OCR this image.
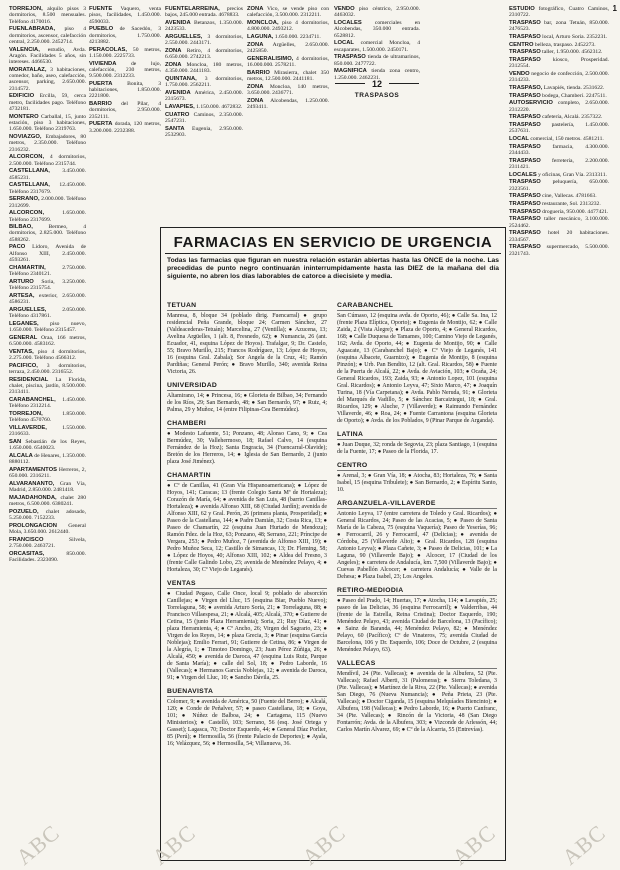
TORREJON, alquilo pisos 3 dormitorios, 8.500 mensuales. Teléfono 4170016.

FUENLABRADA, piso 4 dormitorios, ascensor, calefacción central, 2.250.000. 2452714.

VALENCIA, estudio, Avda. Aragón. Facilidades 5 años, sin intereses. 4466530.

MORATALAZ, 3 habitaciones, comedor, baño, aseo, calefacción, ascensor, parking, 2.650.000. 2314572.

EDIFICIO Ercilla, 59, cerca metro, facilidades pago. Teléfono 4732181.

MONTERO Carballal, 15, junto estación, piso 3 habitaciones, 1.650.000. Teléfono 2319763.

NOVIAZGO, Embajadores, 80 metros, 2.350.000. Teléfono 2316232.

ALCORCON, 4 dormitorios, 2.500.000. Teléfono 2315744.

CASTELLANA, 3.450.000. 4585231.

CASTELLANA, 12.450.000. Teléfono 2317679.

SERRANO, 2.000.000. Teléfono 2312699.

ALCORCON, 1.650.000. Teléfono 2317699.

BILBAO, Bermeo, 4 dormitorios, 2.825.000. Teléfono 4588262.

PACO Lidoro, Avenida de Alfonso XIII, 2.450.000. 4593261.

CHAMARTIN, 2.750.000. Teléfono 2340121.

ARTURO Soria, 3.250.000. Teléfono 2315754.

ARTESA, exterior, 2.650.000. 4586231.

ARGUELLES, 2.050.000. Teléfono 4317861.

LEGANES, piso nuevo, 1.650.000. Teléfono 2315457.

GENERAL Oraa, 166 metros, 6.500.000. 4583162.

VENTAS, piso 4 dormitorios, 2.275.000. Teléfono 4566312.

PACIFICO, 3 dormitorios, terraza, 2.450.000. 2316552.

RESIDENCIAL La Florida, chalet, piscina, jardín, 8.500.000. 2313411.

CARABANCHEL, 1.450.000. Teléfono 2312214.

TORREJON, 1.850.000. Teléfono 4570760.

VILLAVERDE, 1.550.000. 2316633.

SAN Sebastián de los Reyes, 1.650.000. 6540023.

ALCALA de Henares, 1.350.000. 8880112.

APARTAMENTOS Herreros, 2, 650.000. 2316211.

ALVARANANTO, Gran Vía, Madrid, 2.850.000. 2481418.

MAJADAHONDA, chalet 280 metros, 6.500.000. 6380241.

POZUELO, chalet adosado, 5.250.000. 7152233.

PROLONGACION General Mola, 3.650.000. 2612440.

FRANCISCO Silvela, 2.750.000. 2463721.

ORCASITAS, 850.000. Facilidades. 2323090.

FUENTE Vaquero, venta pisos, facilidades, 1.450.000. 4590033.

PUEBLO de Sacedón, 3 dormitorios, 1.750.000. 4213882.

PERACOLAS, 50 metros, 1.150.000. 2225733.

VIVIENDA de lujo, calefacción, 230 metros, 9.500.000. 2312233.

PUERTA Bonita, 3 habitaciones, 1.850.000. 2221800.

BARRIO del Pilar, 4 dormitorios, 2.950.000. 2352111.

PUERTA dorada, 120 metros, 3.200.000. 2232388.

FUENTELARREINA, precios bajos, 245.000 entrada. 4678833.

AVENIDA Betanzos, 1.350.000. 2423533.

ARGUELLES, 3 dormitorios, 2.550.000. 2443171.

ZONA Retiro, 4 dormitorios, 6.650.000. 2742213.

ZONA Moncloa, 180 metros, 4.350.000. 2441183.

QUINTANA, 3 dormitorios, 1.750.000. 2562211.

AVENIDA América, 2.450.000. 2315673.

LAVAPIES, 1.150.000. 4672832.

CUATRO Caminos, 2.350.000. 2547231.

SANTA Eugenia, 2.950.000. 2532903.

ZONA Vico, se vende piso con calefacción, 3.500.000. 2312211.

MONCLOA, piso 4 dormitorios, 4.800.000. 2493212.

LAGUNA, 1.650.000. 2234711.

ZONA Argüelles, 2.650.000. 2425850.

GENERALISIMO, 4 dormitorios, 16.000.000. 2578211.

BARRIO Mirasierra, chalet 350 metros, 12.500.000. 2441181.

ZONA Moncloa, 140 metros, 3.650.000. 2436771.

ZONA Alcobendas, 1.250.000. 2493411.

VENDO piso céntrico, 2.950.000. 4463032.

LOCALES comerciales en Alcobendas, 350.000 entrada. 6528812.

LOCAL comercial Moncloa, 4 escaparates, 1.500.000. 2450171.

TRASPASO tienda de ultramarinos, 850.000. 2477722.

MAGNIFICA tienda zona centro, 1.250.000. 2462231.

12
TRASPASOS

ESTUDIO fotográfico, Cuatro Caminos, 2310722.

TRASPASO bar, zona Tetuán, 850.000. 2476523.

TRASPASO local, Arturo Soria. 2352231.

CENTRO belleza, traspaso. 2452273.

TRASPASO taller, 1.950.000. 4562312.

TRASPASO kiosco, Prosperidad. 2312554.

VENDO negocio de confección, 2.500.000. 2314233.

TRASPASO, Lavapiés, tienda. 2531622.

TRASPASO bodega, Chamberí. 2247511.

AUTOSERVICIO completo, 2.650.000. 2312220.

TRASPASO cafetería, Alcalá. 2357322.

TRASPASO pastelería, 1.450.000. 2537631.

LOCAL comercial, 150 metros. 4581211.

TRASPASO farmacia, 4.300.000. 2344433.

TRASPASO ferretería, 2.200.000. 2311421.

LOCALES y oficinas, Gran Vía. 2313311.

TRASPASO peluquería, 650.000. 2323561.

TRASPASO cine, Vallecas. 4781663.

TRASPASO restaurante, Sol. 2313232.

TRASPASO droguería, 950.000. 4477421.

TRASPASO taller mecánico, 3.100.000. 2524462.

TRASPASO hotel 20 habitaciones. 2334567.

TRASPASO supermercado, 5.500.000. 2321743.

1
FARMACIAS EN SERVICIO DE URGENCIA
Todas las farmacias que figuran en nuestra relación estarán abiertas hasta las ONCE de la noche. Las precedidas de punto negro continuarán ininterrumpidamente hasta las DIEZ de la mañana del día siguiente, no abren los días laborables de catorce a diecisiete y media.
TETUAN
Manresa, 8, bloque 34 (poblado dirig. Fuencarral) ● grupo residencial Peña Grande, bloque 24; Carmen Sánchez, 27 (Valdeacederas-Tetuán); Marcelina, 27 (Ventilla); ● Azucena, 13; Avelina Argüelles, 1 (alt. 8, Fresnedo, 62); ● Numancia, 26 (ant. Ecuador, 41, esquina López de Hoyos). Trafalgar, 9; Dr. Castelo, 55; Bravo Murillo, 215; Francos Rodríguez, 13; López de Hoyos, 16 (esquina Gral. Zabala); Sor Angela de la Cruz, 41; Ramón Pardiñas; General Perón; ● Bravo Murillo, 340; avenida Reina Victoria, 26.
UNIVERSIDAD
Altamirano, 14; ● Princesa, 16; ● Glorieta de Bilbao, 34; Fernando de los Ríos, 29; San Bernardo, 48; ● San Bernardo, 97; ● Ruiz, 4; Palma, 29 y Muñoz, 14 (entre Filipinas-Cea Bermúdez).
CHAMBERI
● Modesto Lafuente, 51; Ponzano, 48; Alonso Cano, 9; ● Cea Bermúdez, 30; Vallehermoso, 18; Rafael Calvo, 14 (esquina Fernández de la Hoz); Santa Engracia, 34 (Fuencarral-Olavide); Bretón de los Herreros, 14; ● Iglesia de San Bernardo, 2 (junto plaza José Jiménez).
CHAMARTIN
● Cº de Canillas, 41 (Gran Vía Hispanoamericana); ● López de Hoyos, 141; Caracas; 13 (frente Colegio Santa Mª de Hortaleza); Corazón de María, 64; ● avenida de San Luis, 48 (barrio Canillas-Hortaleza); ● avenida Alfonso XIII, 68 (Ciudad Jardín); avenida de Alfonso XIII, 62 y Gral. Perón, 26 (primera planta, Prosperidad); ● Paseo de la Castellana, 144; ● Padre Damián, 32; Costa Rica, 13; ● Paseo de Chamartín, 22 (esquina Juan Hurtado de Mendoza); Ramón Fdez. de la Hoz, 63; Ponzano, 48; Serrano, 221; Príncipe de Vergara, 253; ● Pedro Muñoz, 7 (avenida de Alfonso XIII, 19); ● Pedro Muñoz Seca, 12; Castillo de Simancas, 13; Dr. Fleming, 58; ● López de Hoyos, 40; Alfonso XIII, 102; ● Aldea del Fresno, 3 (frente Calle Galindo Lobo, 23; avenida de Menéndez Pelayo, 4; ● Hortaleza, 30; Cº Viejo de Leganés).
VENTAS
● Ciudad Pegaso, Calle Once, local 9; poblado de absorción Canillejas; ● Virgen del Lluc, 15 (esquina Biar, Pueblo Nuevo); Torrelaguna, 58; ● avenida Arturo Soria, 21; ● Torrelaguna, 88; ● Francisco Villaespesa, 21; ● Alcalá, 405; Alcalá, 370; ● Gutierre de Cetina, 15 (junto Plaza Herramienta); Soria, 21; Ruy Díaz, 41; ● plaza Herramienta, 4; ● Cº Ancho, 26; Virgen del Sagrario, 23; ● Virgen de los Reyes, 14; ● plaza Grecia, 3; ● Pinar (esquina García Noblejas); Emilio Ferrari, 91; Gutierre de Cetina, 86; ● Virgen de la Alegría, 1; ● Timoteo Domingo, 23; Juan Pérez Zúñiga, 26; ● Alcalá, 450; ● avenida de Daroca, 47 (esquina Luis Ruiz, Parque de Santa María); ● calle del Sol, 18; ● Pedro Laborde, 16 (Vallecas); ● Hermanos García Noblejas, 12; ● avenida de Daroca, 91; ● Virgen del Lluc, 10; ● Sancho Dávila, 25.
BUENAVISTA
Colomer, 9; ● avenida de América, 50 (Fuente del Berro); ● Alcalá, 120; ● Conde de Peñalver, 57; ● paseo Castellana, 18; ● Goya, 101; ● Núñez de Balboa, 24; ● Cartagena, 115 (Nuevo Ministerios); ● Castelló, 103; Serrano, 56 (esq. José Ortega y Gasset); Lagasca, 70; Doctor Esquerdo, 44; ● General Díaz Porlier, 85 (Perú); ● Hermosilla, 56 (frente Palacio de Deportes); ● Ayala, 16; Velázquez, 56; ● Hermosilla, 54; Villanueva, 36.
CARABANCHEL
San Cúmaso, 12 (esquina avda. de Oporto, 46); ● Calle Sa. Ina, 12 (frente Plaza Elíptica, Oporto); ● Eugenia de Montijo, 62; ● Calle Zaida, 2 (Vista Alegre); ● Plaza de Oporto, 4; ● General Ricardos, 168; ● Calle Duquesa de Tamames, 100; Camino Viejo de Leganés, 162; Avda. de Oporto, 44; ● Eugenia de Montijo, 90; ● Calle Aguacate, 13 (Carabanchel Bajo); ● Cº Viejo de Leganés, 141 (esquina Albacete, Guarnizo); ● Eugenia de Montijo, 8 (esquina Pinzón); ● Urb. Pan Bendito, 12 (alt. Gral. Ricardos, 58) ● Fuente de la Puerta de Alcalá, 22; ● Avda. de Aviación, 103; ● Ocaña, 24; General Ricardos, 193; Zaida, 93; ● Antonio Lopez, 101 (esquina Gral. Ricardos); ● Antonio Leyva, 47; Sixto Marco, 47; ● Joaquín Turina, 18 (Vía Carpetana); ● Avda. Pablo Neruda, 91; ● Glorieta del Marqués de Vadillo, 5; ● Sánchez Barcaiztegui, 18; ● Gral. Ricardos, 129; ● Aluche, 7 (Villaverde); ● Raimundo Fernández Villaverde, 46; ● Roa, 24; ● Fuente Carrantona (esquina Glorieta de Oporto); ● Avda. de los Poblados, 9 (Pinar Parque de Arganda).
LATINA
● Juan Duque, 32; ronda de Segovia, 23; plaza Santiago, 1 (esquina de la Fuente, 17; ● Paseo de la Florida, 17.
CENTRO
● Arenal, 3; ● Gran Vía, 18; ● Atocha, 83; Hortaleza, 76; ● Santa Isabel, 15 (esquina Tribulete); ● San Bernardo, 2; ● Espíritu Santo, 10.
ARGANZUELA-VILLAVERDE
Antonio Leyva, 17 (entre carretera de Toledo y Gral. Ricardos); ● General Ricardos, 24; Paseo de las Acacias, 5; ● Paseo de Santa María de la Cabeza, 75 (esquina Vaquería); Paseo de Yeserías, 96; ● Ferrocarril, 26 y Ferrocarril, 47 (Delicias); ● avenida de Córdoba, 25 (Villaverde Alto); ● Gral. Ricardos, 128 (esquina Antonio Leyva); ● Plaza Cañete, 3; ● Paseo de Delicias, 101; ● La Laguna, 90 (Villaverde Bajo); ● Alcocer, 17 (Ciudad de los Angeles); ● carretera de Andalucía, km. 7,500 (Villaverde Bajo); ● Cuevas Pabellón Alcocer; ● carretera Andalucía; ● Valle de la Dehesa; ● Plaza Isabel, 23; Los Angeles.
RETIRO-MEDIODIA
● Paseo del Prado, 14; Huertas, 17; ● Atocha, 114; ● Lavapiés, 25; paseo de las Delicias, 36 (esquina Ferrocarril); ● Valderribas, 44 (frente de la Estrella, Reina Cristina); Doctor Esquerdo, 190; Menéndez Pelayo, 43; avenida Ciudad de Barcelona, 13 (Pacífico); ● Sainz de Baranda, 44; Menéndez Pelayo, 82; ● Menéndez Pelayo, 60 (Pacífico); Cº de Vinateros, 75; avenida Ciudad de Barcelona, 106 y Dr. Esquerdo, 106; Doce de Octubre, 2 (esquina Menéndez Pelayo, 63).
VALLECAS
Mendívil, 24 (Pte. Vallecas); ● avenida de la Albufera, 52 (Pte. Vallecas); Rafael Alberti, 31 (Palomeras); ● Sierra Toledana, 3 (Pte. Vallecas); ● Martínez de la Riva, 22 (Pte. Vallecas); ● avenida San Diego, 76 (Nueva Numancia); ● Peña Prieta, 23 (Pte. Vallecas); ● Doctor Ciganda, 15 (esquina Melquíades Biencinto); ● Albufera, 198 (Vallecas); ● Pedro Laborde, 16; ● Puerto Canfranc, 34 (Pte. Vallecas); ● Rincón de la Victoria, 48 (San Diego Fontarrón; Avda. de la Albufera, 303; ● Vizconde de Arlessón, 44; Carlos Martín Alvarez, 69; ● Cº de la Alcarria, 55 (Entrevías).
ABC	ABC	ABC	ABC	ABC
